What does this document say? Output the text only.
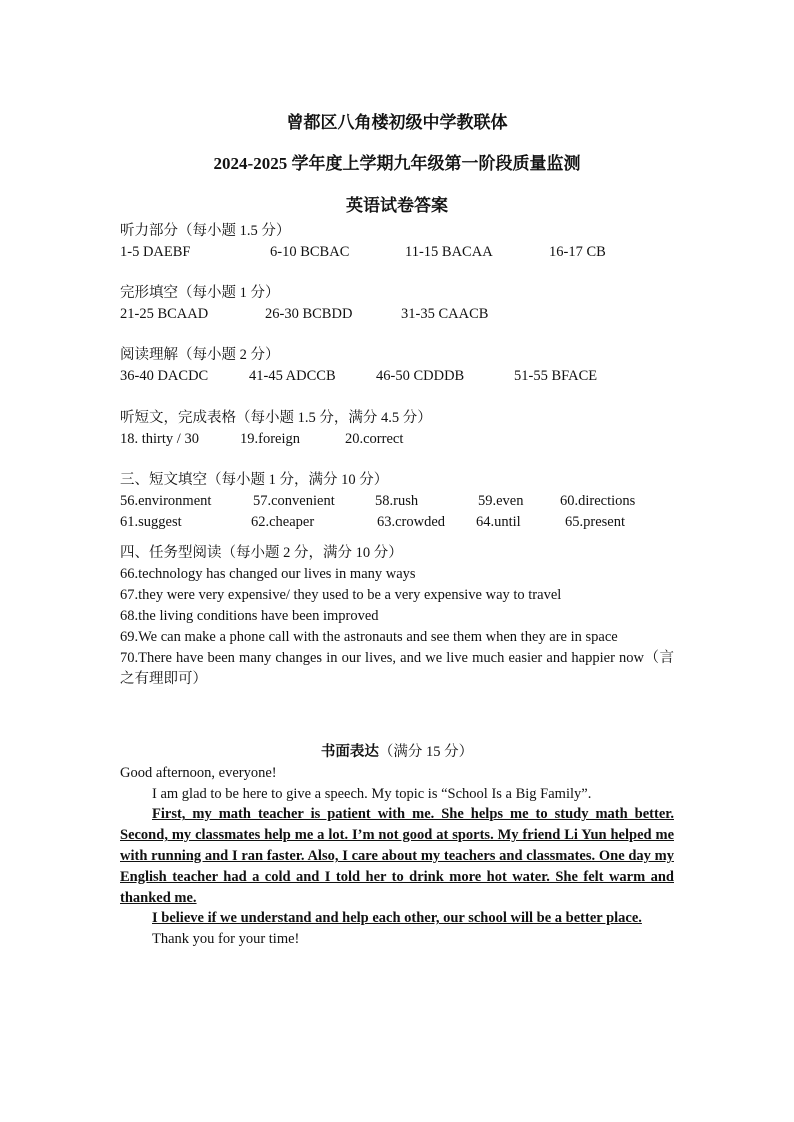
曾都区八角楼初级中学教联体
2024-2025 学年度上学期九年级第一阶段质量监测
英语试卷答案
听力部分（每小题 1.5 分）
1-5 DAEBF	6-10 BCBAC	11-15 BACAA	16-17 CB
完形填空（每小题 1 分）
21-25 BCAAD	26-30 BCBDD	31-35 CAACB
阅读理解（每小题 2 分）
36-40 DACDC	41-45 ADCCB	46-50 CDDDB	51-55 BFACE
听短文，完成表格（每小题 1.5 分，满分 4.5 分）
18. thirty / 30	19.foreign	20.correct
三、短文填空（每小题 1 分，满分 10 分）
56.environment	57.convenient	58.rush	59.even	60.directions
61.suggest	62.cheaper	63.crowded 64.until	65.present
四、任务型阅读（每小题 2 分，满分 10 分）
66.technology has changed our lives in many ways
67.they were very expensive/ they used to be a very expensive way to travel
68.the living conditions have been improved
69.We can make a phone call with the astronauts and see them when they are in space
70.There have been many changes in our lives, and we live much easier and happier now（言之有理即可）
书面表达（满分 15 分）

Good afternoon, everyone!

I am glad to be here to give a speech. My topic is “School Is a Big Family”.

First, my math teacher is patient with me. She helps me to study math better. Second, my classmates help me a lot. I’m not good at sports. My friend Li Yun helped me with running and I ran faster. Also, I care about my teachers and classmates. One day my English teacher had a cold and I told her to drink more hot water. She felt warm and thanked me.

I believe if we understand and help each other, our school will be a better place.

Thank you for your time!
